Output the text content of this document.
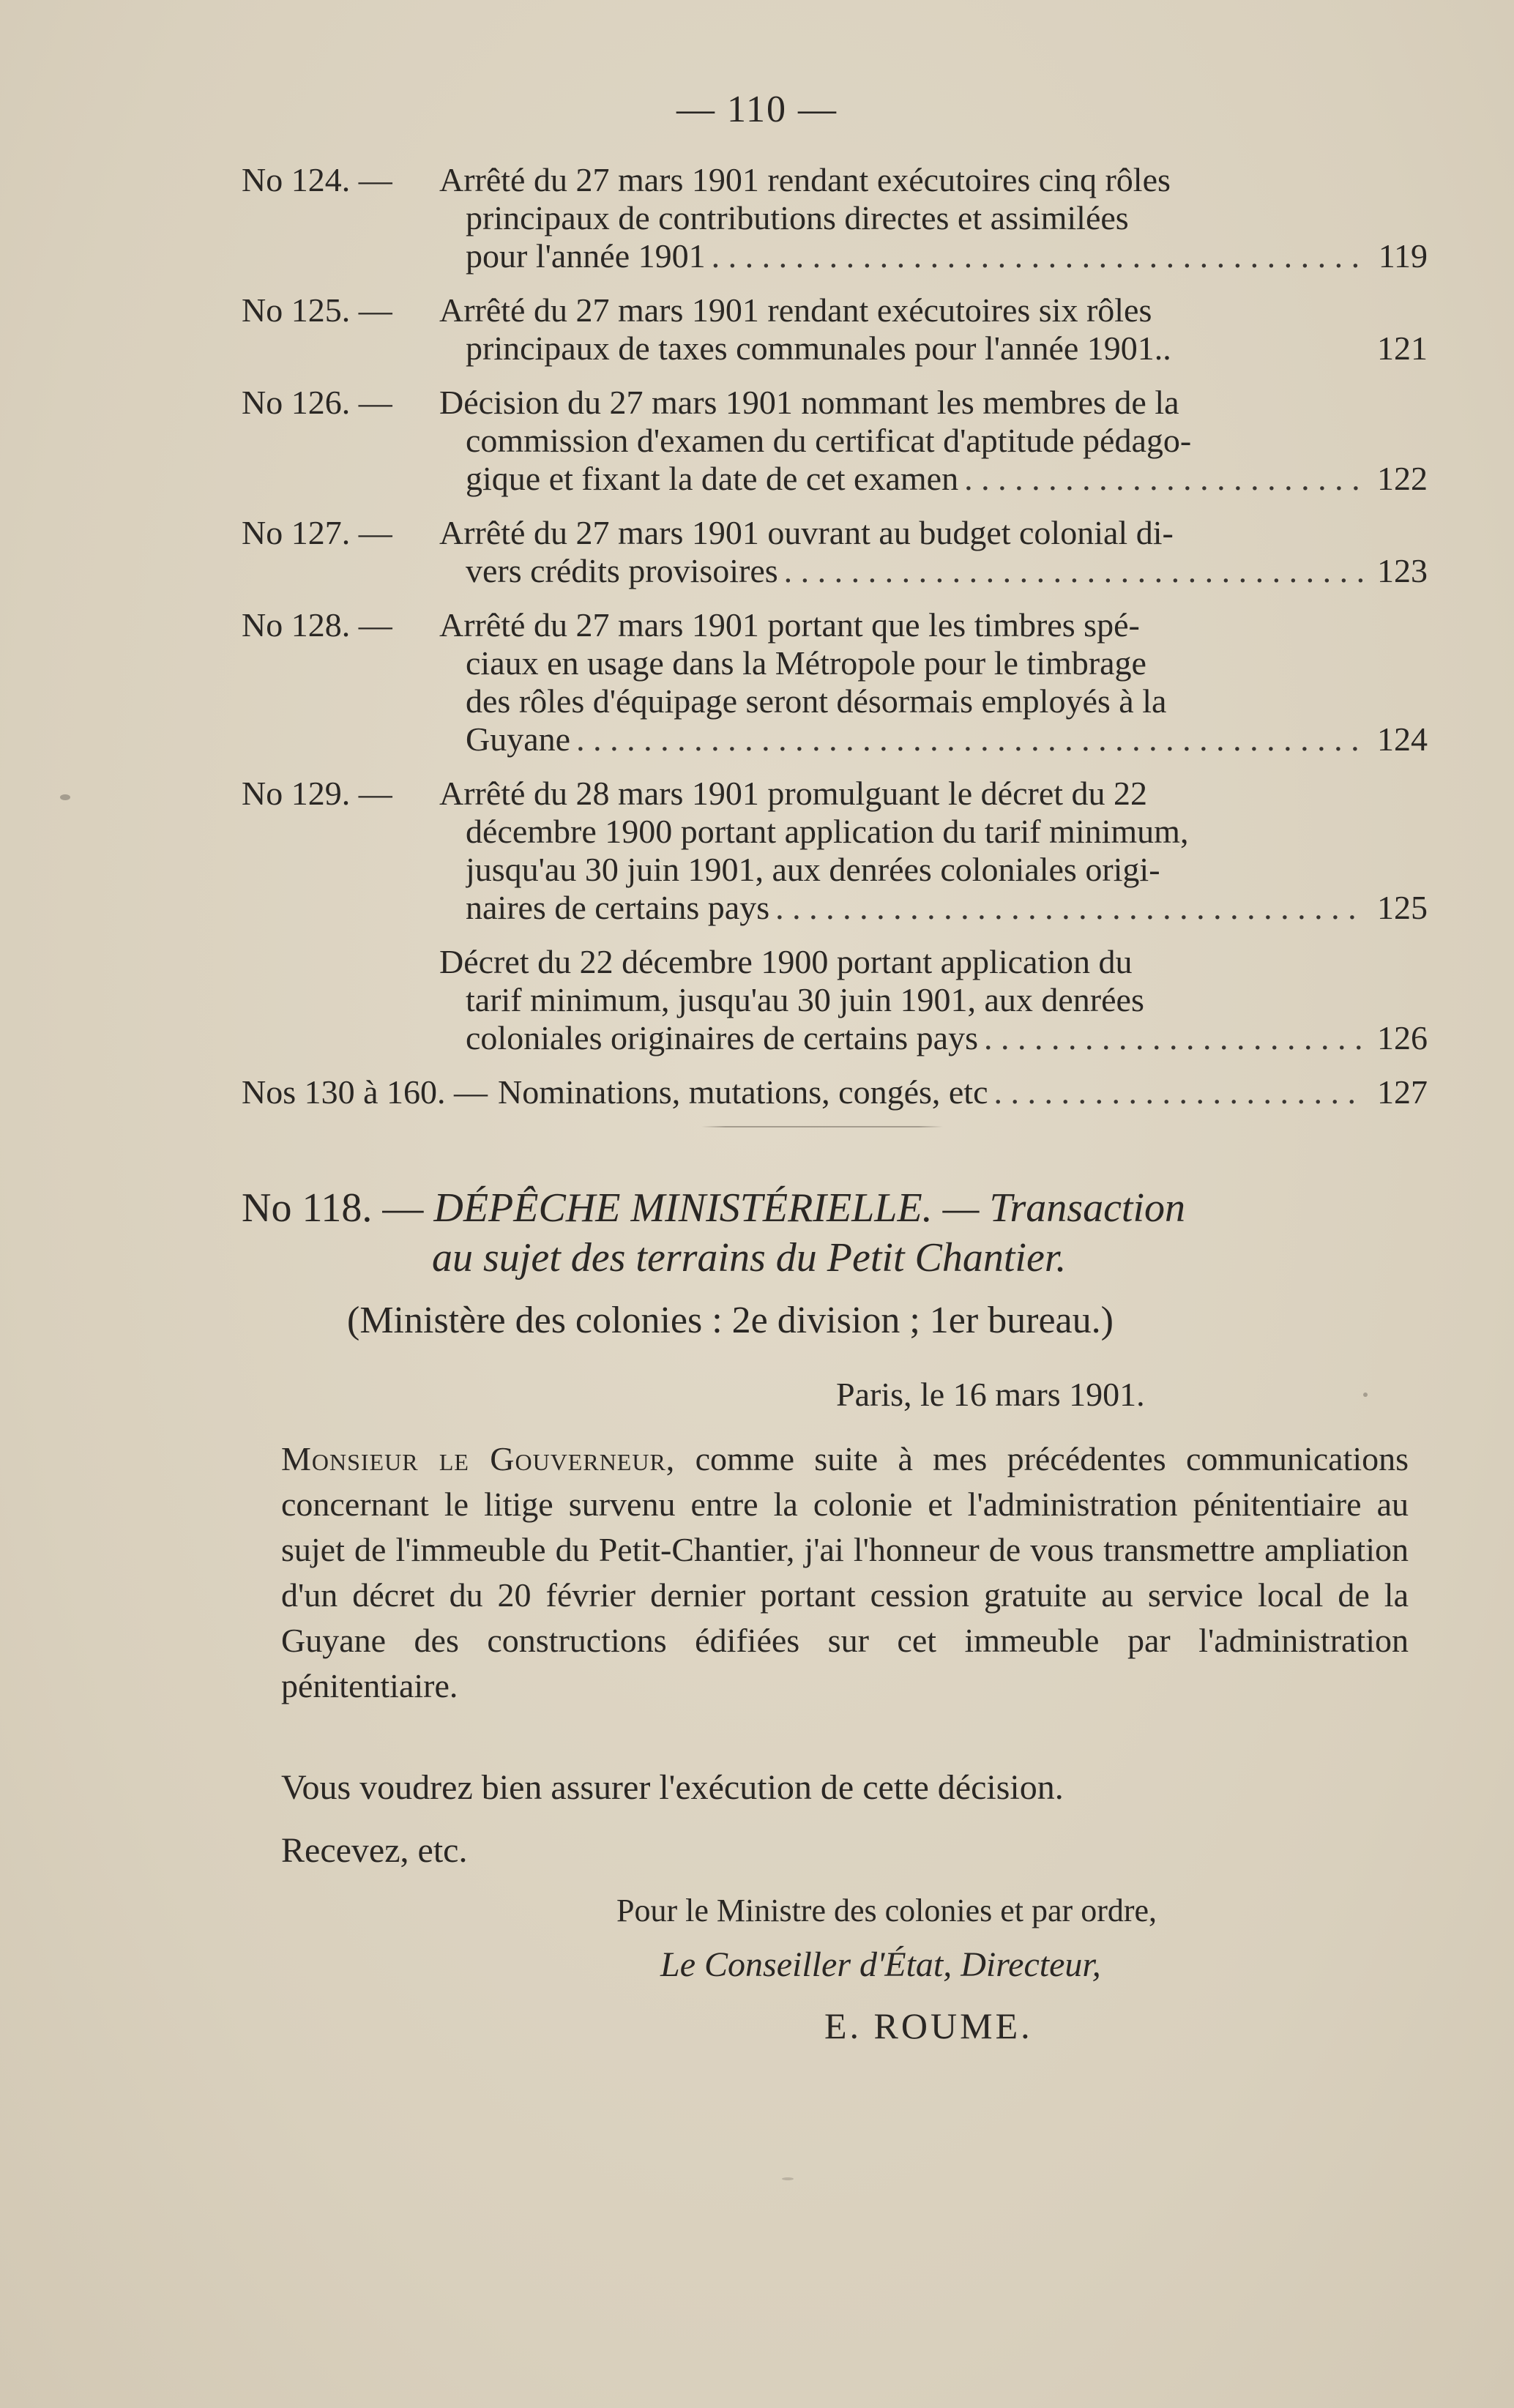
— 110 —
No 124. — Arrêté du 27 mars 1901 rendant exécutoires cinq rôles
principaux de contributions directes et assimilées
pour l'année 1901 . . .	119
No 125. — Arrêté du 27 mars 1901 rendant exécutoires six rôles
principaux de taxes communales pour l'année 1901..	121
No 126. — Décision du 27 mars 1901 nommant les membres de la
commission d'examen du certificat d'aptitude pédago-
gique et fixant la date de cet examen . . .	122
No 127. — Arrêté du 27 mars 1901 ouvrant au budget colonial di-
vers crédits provisoires . . .	123
No 128. — Arrêté du 27 mars 1901 portant que les timbres spé-
ciaux en usage dans la Métropole pour le timbrage
des rôles d'équipage seront désormais employés à la
Guyane . . .	124
No 129. — Arrêté du 28 mars 1901 promulguant le décret du 22
décembre 1900 portant application du tarif minimum,
jusqu'au 30 juin 1901, aux denrées coloniales origi-
naires de certains pays . . .	125
Décret du 22 décembre 1900 portant application du
tarif minimum, jusqu'au 30 juin 1901, aux denrées
coloniales originaires de certains pays . . .	126
Nos 130 à 160. — Nominations, mutations, congés, etc . . .	127
No 118. — DÉPÊCHE MINISTÉRIELLE. — Transaction
au sujet des terrains du Petit Chantier.
(Ministère des colonies : 2e division ; 1er bureau.)
Paris, le 16 mars 1901.
Monsieur le Gouverneur, comme suite à mes précédentes communications concernant le litige survenu entre la colonie et l'administration pénitentiaire au sujet de l'immeuble du Petit-Chantier, j'ai l'honneur de vous transmettre ampliation d'un décret du 20 février dernier portant cession gratuite au service local de la Guyane des constructions édifiées sur cet immeuble par l'administration pénitentiaire.
Vous voudrez bien assurer l'exécution de cette décision.
Recevez, etc.
Pour le Ministre des colonies et par ordre,
Le Conseiller d'État, Directeur,
E. ROUME.
